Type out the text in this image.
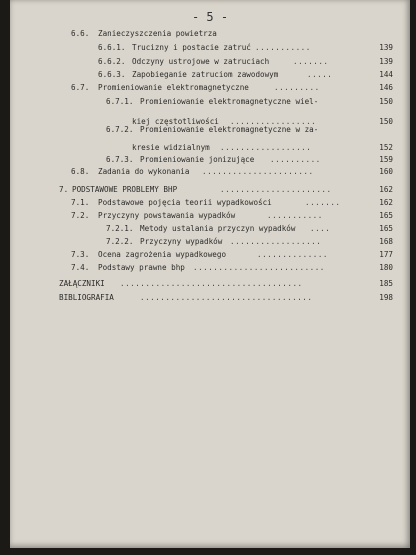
- 5 -
6.6. Zanieczyszczenia powietrza
6.6.1. Trucizny i postacie zatruć ...........	139
6.6.2. Odczyny ustrojowe w zatruciach	.......	139
6.6.3. Zapobieganie zatruciom zawodowym	.....	144
6.7. Promieniowanie elektromagnetyczne	.........	146
6.7.1. Promieniowanie elektromagnetyczne wiel-	150
kiej częstotliwości .................	150
6.7.2. Promieniowanie elektromagnetyczne w za-
kresie widzialnym ..................	152
6.7.3. Promieniowanie jonizujące ..........	159
6.8. Zadania do wykonania ......................	160
7. PODSTAWOWE PROBLEMY BHP	......................	162
7.1. Podstawowe pojęcia teorii wypadkowości	.......	162
7.2. Przyczyny powstawania wypadków	...........	165
7.2.1. Metody ustalania przyczyn wypadków ....	165
7.2.2. Przyczyny wypadków ..................	168
7.3. Ocena zagrożenia wypadkowego	..............	177
7.4. Podstawy prawne bhp ..........................	180
ZAŁĄCZNIKI ....................................	185
BIBLIOGRAFIA	..................................	198
